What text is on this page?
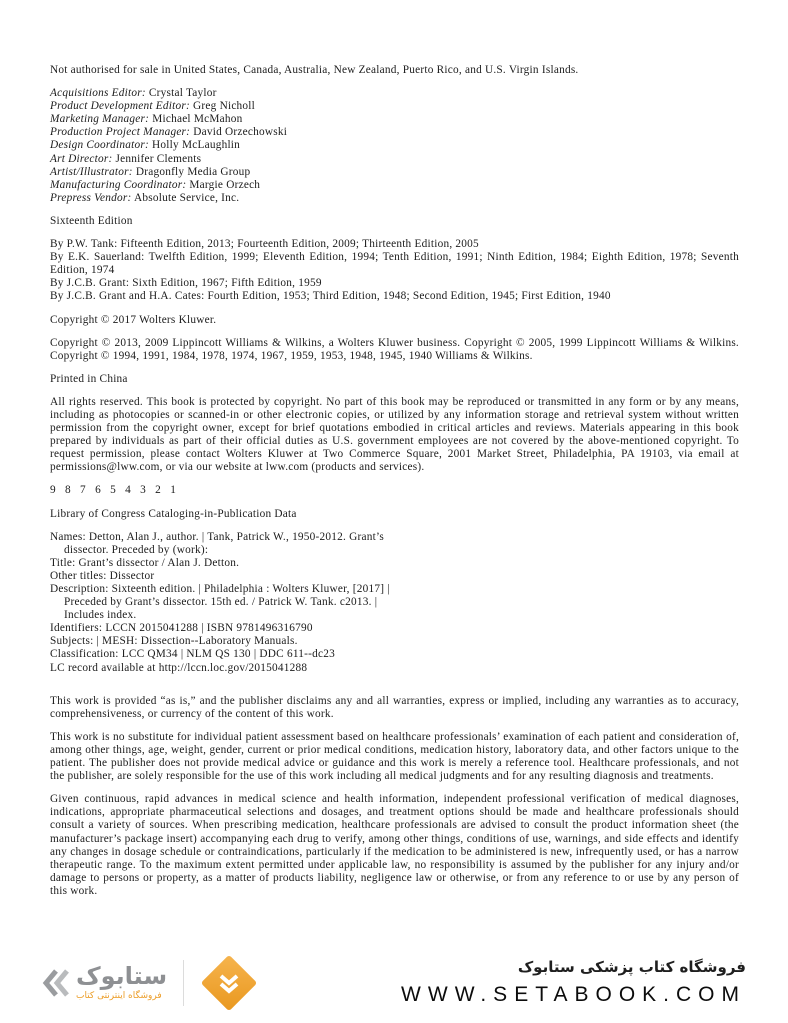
Not authorised for sale in United States, Canada, Australia, New Zealand, Puerto Rico, and U.S. Virgin Islands.

Acquisitions Editor: Crystal Taylor

Product Development Editor: Greg Nicholl

Marketing Manager: Michael McMahon

Production Project Manager: David Orzechowski

Design Coordinator: Holly McLaughlin

Art Director: Jennifer Clements

Artist/Illustrator: Dragonfly Media Group

Manufacturing Coordinator: Margie Orzech

Prepress Vendor: Absolute Service, Inc.

Sixteenth Edition

By P.W. Tank: Fifteenth Edition, 2013; Fourteenth Edition, 2009; Thirteenth Edition, 2005

By E.K. Sauerland: Twelfth Edition, 1999; Eleventh Edition, 1994; Tenth Edition, 1991; Ninth Edition, 1984; Eighth Edition, 1978; Seventh Edition, 1974

By J.C.B. Grant: Sixth Edition, 1967; Fifth Edition, 1959

By J.C.B. Grant and H.A. Cates: Fourth Edition, 1953; Third Edition, 1948; Second Edition, 1945; First Edition, 1940

Copyright © 2017 Wolters Kluwer.

Copyright © 2013, 2009 Lippincott Williams & Wilkins, a Wolters Kluwer business. Copyright © 2005, 1999 Lippincott Williams & Wilkins. Copyright © 1994, 1991, 1984, 1978, 1974, 1967, 1959, 1953, 1948, 1945, 1940 Williams & Wilkins.

Printed in China

All rights reserved. This book is protected by copyright. No part of this book may be reproduced or transmitted in any form or by any means, including as photocopies or scanned-in or other electronic copies, or utilized by any information storage and retrieval system without written permission from the copyright owner, except for brief quotations embodied in critical articles and reviews. Materials appearing in this book prepared by individuals as part of their official duties as U.S. government employees are not covered by the above-mentioned copyright. To request permission, please contact Wolters Kluwer at Two Commerce Square, 2001 Market Street, Philadelphia, PA 19103, via email at permissions@lww.com, or via our website at lww.com (products and services).

9   8   7   6   5   4   3   2   1

Library of Congress Cataloging-in-Publication Data

Names: Detton, Alan J., author. | Tank, Patrick W., 1950-2012. Grant’s

dissector. Preceded by (work):

Title: Grant’s dissector / Alan J. Detton.

Other titles: Dissector

Description: Sixteenth edition. | Philadelphia : Wolters Kluwer, [2017] |

Preceded by Grant’s dissector. 15th ed. / Patrick W. Tank. c2013. |

Includes index.

Identifiers: LCCN 2015041288 | ISBN 9781496316790

Subjects: | MESH: Dissection--Laboratory Manuals.

Classification: LCC QM34 | NLM QS 130 | DDC 611--dc23

LC record available at http://lccn.loc.gov/2015041288

This work is provided “as is,” and the publisher disclaims any and all warranties, express or implied, including any warranties as to accuracy, comprehensiveness, or currency of the content of this work.

This work is no substitute for individual patient assessment based on healthcare professionals’ examination of each patient and consideration of, among other things, age, weight, gender, current or prior medical conditions, medication history, laboratory data, and other factors unique to the patient. The publisher does not provide medical advice or guidance and this work is merely a reference tool. Healthcare professionals, and not the publisher, are solely responsible for the use of this work including all medical judgments and for any resulting diagnosis and treatments.

Given continuous, rapid advances in medical science and health information, independent professional verification of medical diagnoses, indications, appropriate pharmaceutical selections and dosages, and treatment options should be made and healthcare professionals should consult a variety of sources. When prescribing medication, healthcare professionals are advised to consult the product information sheet (the manufacturer’s package insert) accompanying each drug to verify, among other things, conditions of use, warnings, and side effects and identify any changes in dosage schedule or contraindications, particularly if the medication to be administered is new, infrequently used, or has a narrow therapeutic range. To the maximum extent permitted under applicable law, no responsibility is assumed by the publisher for any injury and/or damage to persons or property, as a matter of products liability, negligence law or otherwise, or from any reference to or use by any person of this work.

ستابوک
فروشگاه اینترنتی کتاب
فروشگاه کتاب پزشکی ستابوک
WWW.SETABOOK.COM
